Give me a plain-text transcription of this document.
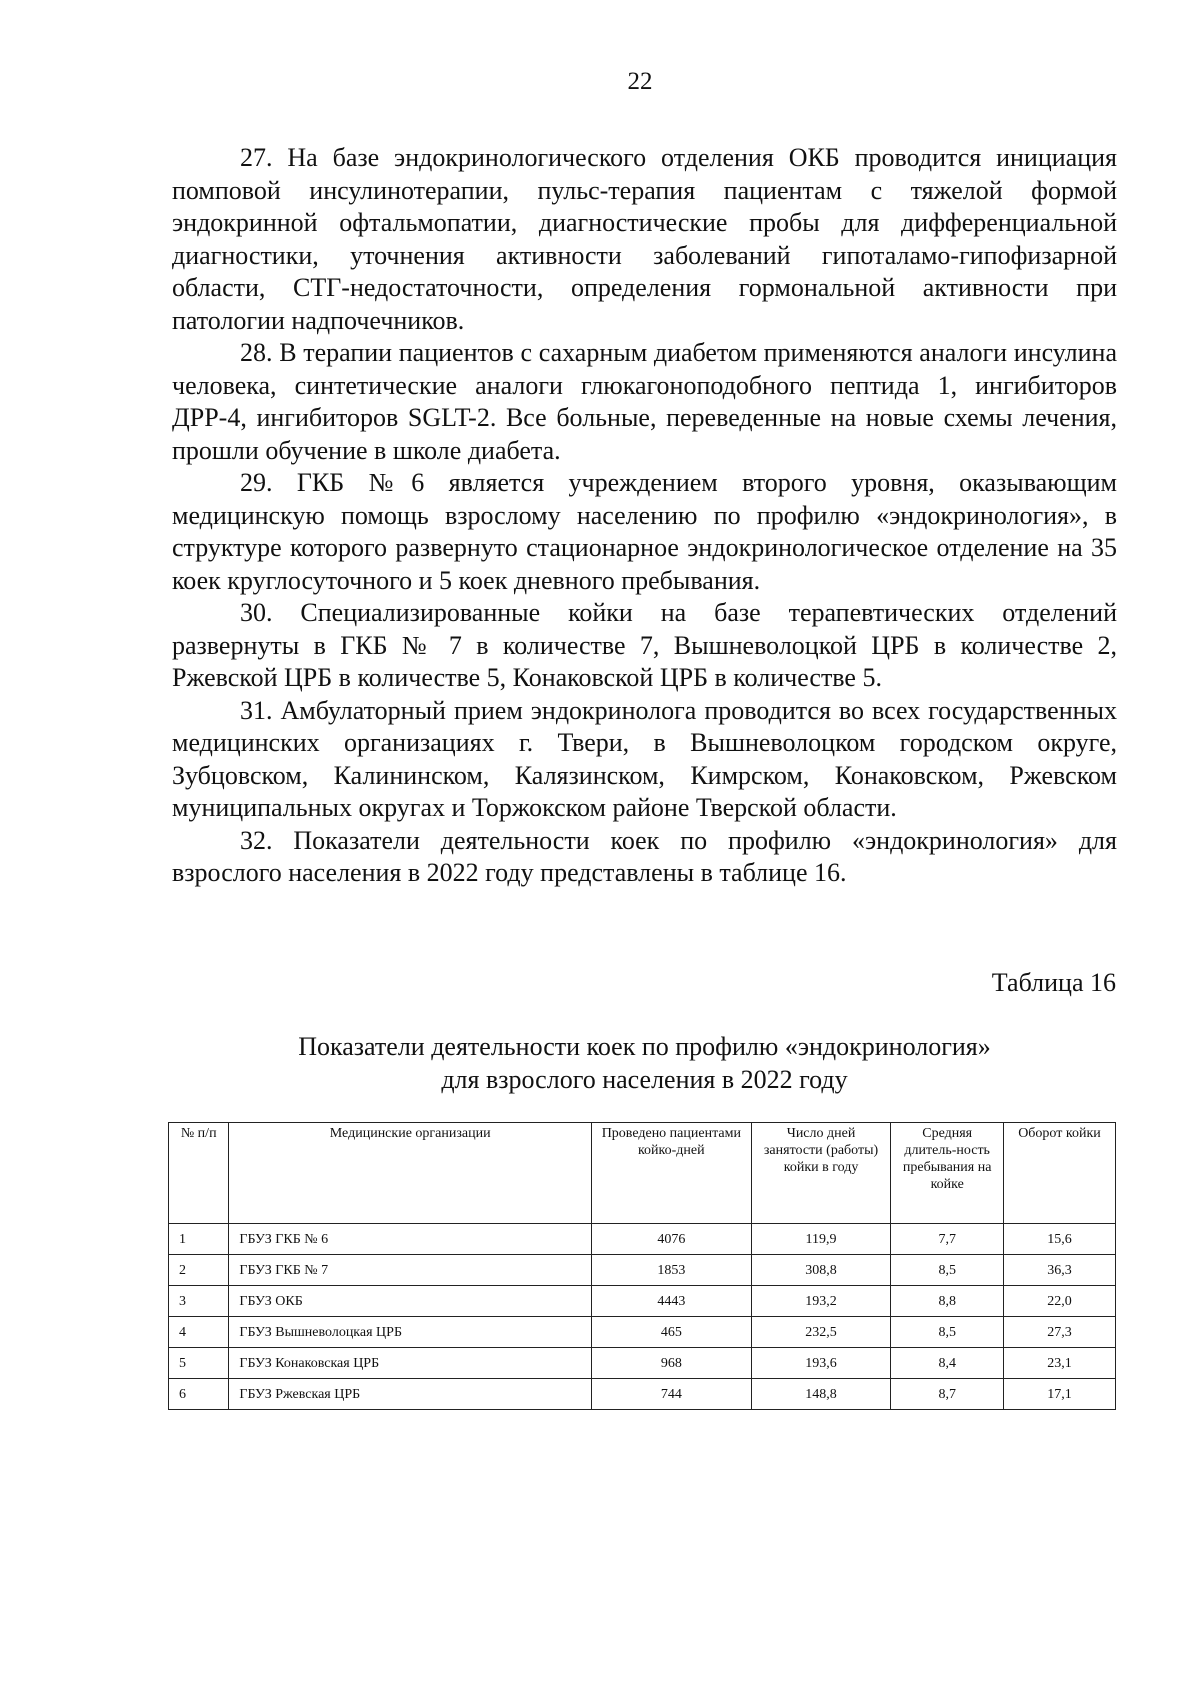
22

27. На базе эндокринологического отделения ОКБ проводится инициация помповой инсулинотерапии, пульс-терапия пациентам с тяжелой формой эндокринной офтальмопатии, диагностические пробы для дифференциальной диагностики, уточнения активности заболеваний гипоталамо-гипофизарной области, СТГ-недостаточности, определения гормональной активности при патологии надпочечников.

28. В терапии пациентов с сахарным диабетом применяются аналоги инсулина человека, синтетические аналоги глюкагоноподобного пептида 1, ингибиторов ДРР-4, ингибиторов SGLT-2. Все больные, переведенные на новые схемы лечения, прошли обучение в школе диабета.

29. ГКБ №6 является учреждением второго уровня, оказывающим медицинскую помощь взрослому населению по профилю «эндокринология», в структуре которого развернуто стационарное эндокринологическое отделение на 35 коек круглосуточного и 5 коек дневного пребывания.

30. Специализированные койки на базе терапевтических отделений развернуты в ГКБ № 7 в количестве 7, Вышневолоцкой ЦРБ в количестве 2, Ржевской ЦРБ в количестве 5, Конаковской ЦРБ в количестве 5.

31. Амбулаторный прием эндокринолога проводится во всех государственных медицинских организациях г. Твери, в Вышневолоцком городском округе, Зубцовском, Калининском, Калязинском, Кимрском, Конаковском, Ржевском муниципальных округах и Торжокском районе Тверской области.

32. Показатели деятельности коек по профилю «эндокринология» для взрослого населения в 2022 году представлены в таблице 16.

Таблица 16
Показатели деятельности коек по профилю «эндокринология»
для взрослого населения в 2022 году
№ п/п	Медицинские организации	Проведено пациентами койко-дней	Число дней занятости (работы) койки в году	Средняя длитель-ность пребывания на койке	Оборот койки
1	ГБУЗ ГКБ № 6	4076	119,9	7,7	15,6
2	ГБУЗ ГКБ № 7	1853	308,8	8,5	36,3
3	ГБУЗ ОКБ	4443	193,2	8,8	22,0
4	ГБУЗ Вышневолоцкая ЦРБ	465	232,5	8,5	27,3
5	ГБУЗ Конаковская ЦРБ	968	193,6	8,4	23,1
6	ГБУЗ Ржевская ЦРБ	744	148,8	8,7	17,1
